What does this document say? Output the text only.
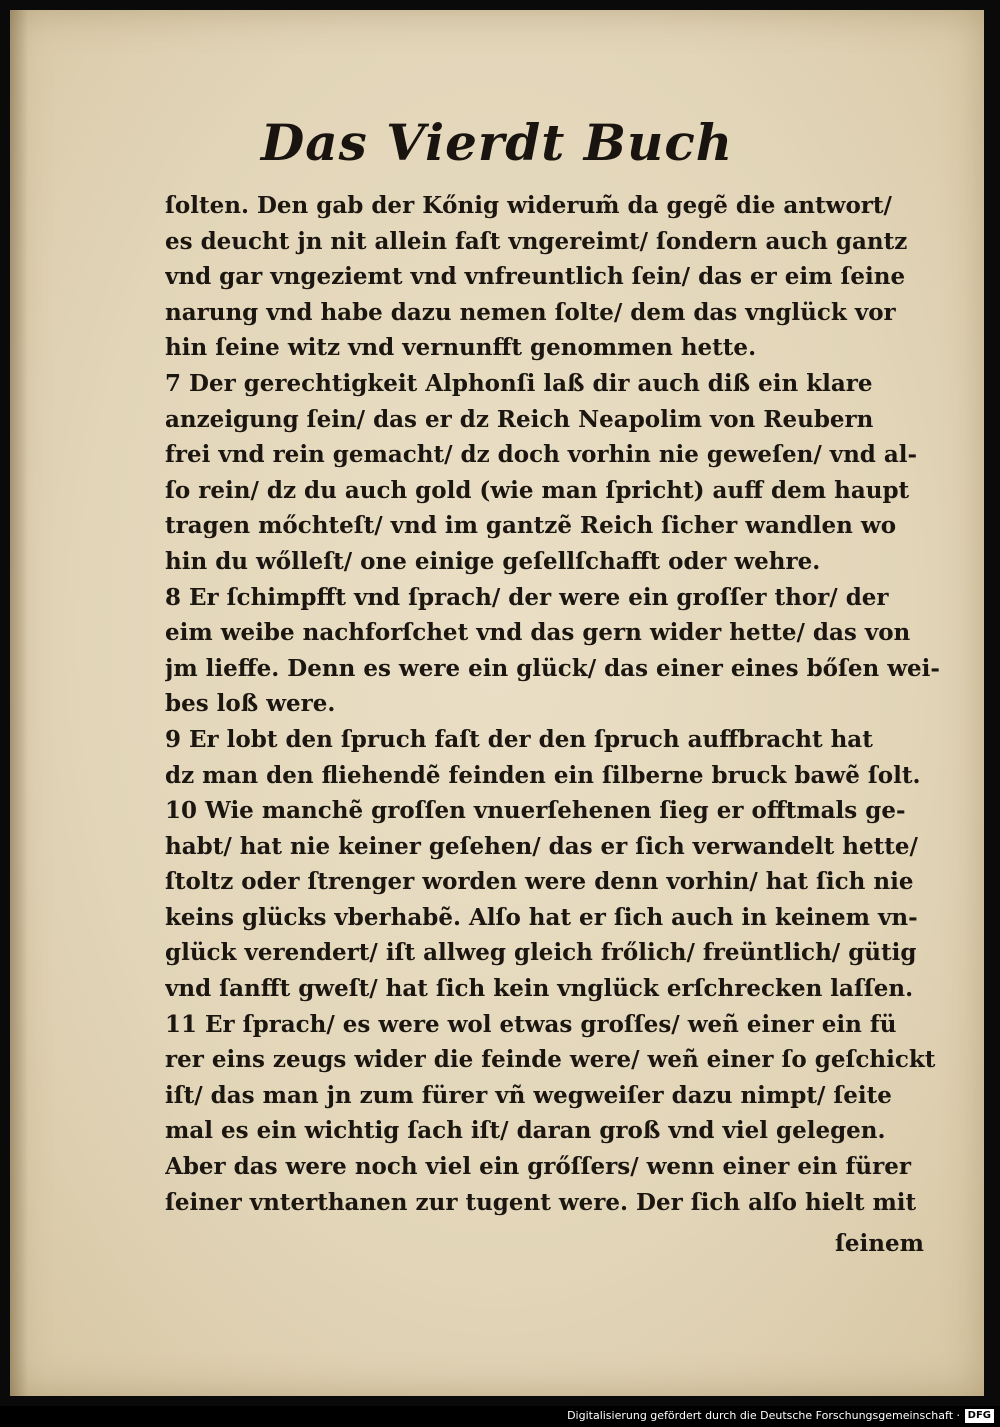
Das Vierdt Buch
ſolten. Den gab der Kőnig widerum̃ da gegẽ die antwort/
es deucht jn nit allein faſt vngereimt/ ſondern auch gantz
vnd gar vngeziemt vnd vnfreuntlich ſein/ das er eim ſeine
narung vnd habe dazu nemen ſolte/ dem das vnglück vor
hin ſeine witz vnd vernunfft genommen hette.
7 Der gerechtigkeit Alphonſi laß dir auch diß ein klare
anzeigung ſein/ das er dz Reich Neapolim von Reubern
frei vnd rein gemacht/ dz doch vorhin nie geweſen/ vnd al-
ſo rein/ dz du auch gold (wie man ſpricht) auff dem haupt
tragen mőchteſt/ vnd im gantzẽ Reich ſicher wandlen wo
hin du wőlleſt/ one einige geſellſchafft oder wehre.
8 Er ſchimpfft vnd ſprach/ der were ein groſſer thor/ der
eim weibe nachforſchet vnd das gern wider hette/ das von
jm lieffe. Denn es were ein glück/ das einer eines bőſen wei-
bes loß were.
9 Er lobt den ſpruch faſt der den ſpruch auffbracht hat
dz man den fliehendẽ feinden ein ſilberne bruck bawẽ ſolt.
10 Wie manchẽ groſſen vnuerſehenen ſieg er offtmals ge-
habt/ hat nie keiner geſehen/ das er ſich verwandelt hette/
ſtoltz oder ſtrenger worden were denn vorhin/ hat ſich nie
keins glücks vberhabẽ. Alſo hat er ſich auch in keinem vn-
glück verendert/ iſt allweg gleich frőlich/ freüntlich/ gütig
vnd ſanfft gweſt/ hat ſich kein vnglück erſchrecken laſſen.
11 Er ſprach/ es were wol etwas groſſes/ weñ einer ein fü
rer eins zeugs wider die feinde were/ weñ einer ſo geſchickt
iſt/ das man jn zum fürer vñ wegweiſer dazu nimpt/ ſeite
mal es ein wichtig ſach iſt/ daran groß vnd viel gelegen.
Aber das were noch viel ein grőſſers/ wenn einer ein fürer
ſeiner vnterthanen zur tugent were. Der ſich alſo hielt mit
ſeinem
Digitalisierung gefördert durch die Deutsche Forschungsgemeinschaft · DFG
